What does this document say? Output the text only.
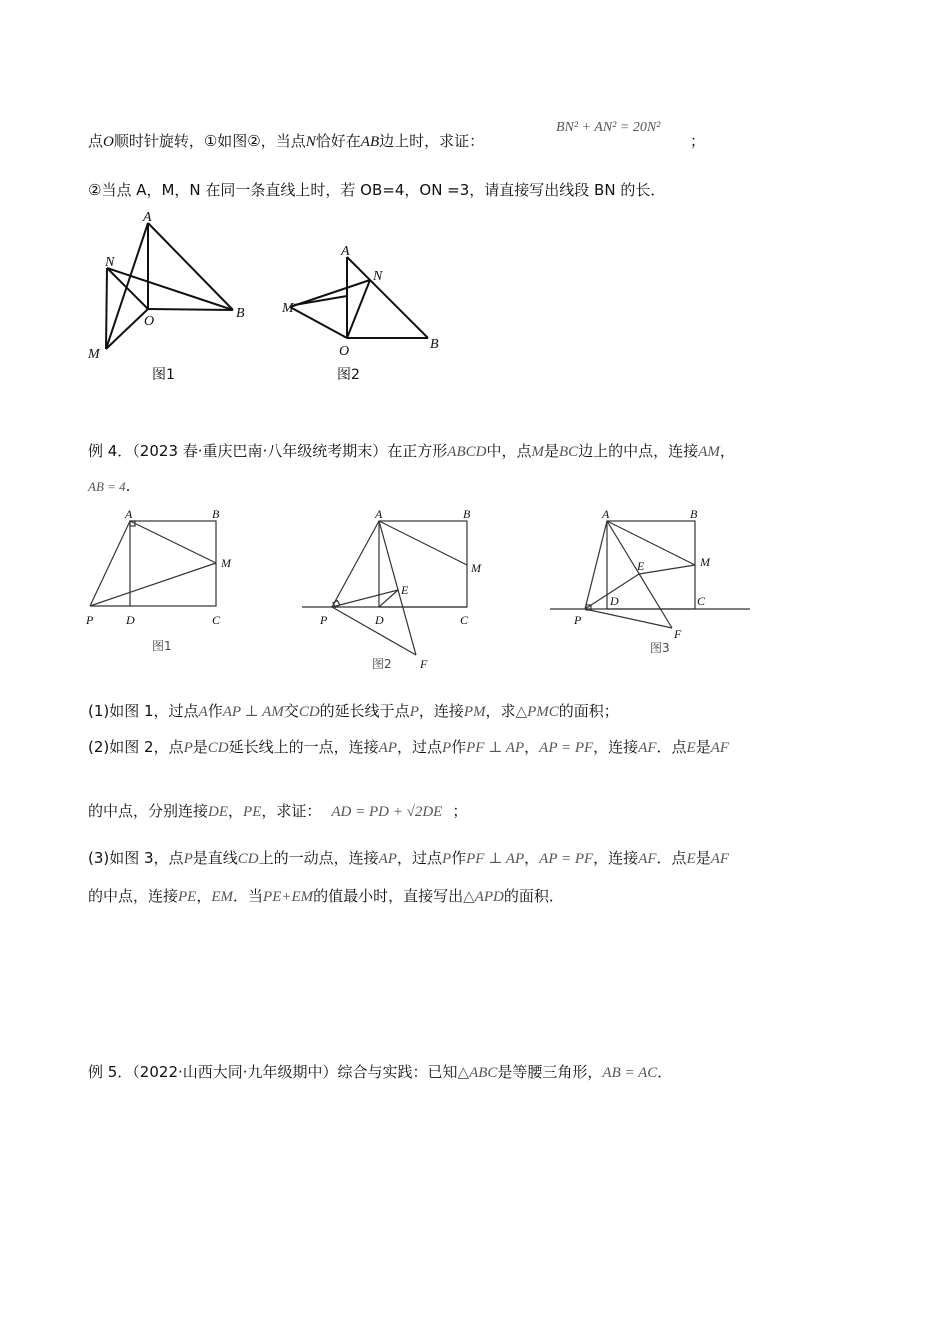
点O顺时针旋转，①如图②，当点N恰好在AB边上时，求证：
BN² + AN² = 20N²
；
②当点 A，M，N 在同一条直线上时，若 OB=4，ON =3，请直接写出线段 BN 的长．
A
N
M
O
B
图1
A
N
M
O	B
图2
例 4．（2023 春·重庆巴南·八年级统考期末）在正方形ABCD中，点M是BC边上的中点，连接AM，
AB = 4.
A	B
M
P	D	C
图1
A	B
M
E
P	D	C
F
图2
A	B
M
E
D	C
P
F
图3
(1)如图 1，过点A作AP ⊥ AM交CD的延长线于点P，连接PM，求△PMC的面积；
(2)如图 2，点P是CD延长线上的一点，连接AP，过点P作PF ⊥ AP，AP = PF，连接AF．点E是AF
的中点，分别连接DE，PE，求证： AD = PD + √2DE ；
(3)如图 3，点P是直线CD上的一动点，连接AP，过点P作PF ⊥ AP，AP = PF，连接AF．点E是AF
的中点，连接PE，EM．当PE+EM的值最小时，直接写出△APD的面积．
例 5．（2022·山西大同·九年级期中）综合与实践：已知△ABC是等腰三角形，AB = AC．
